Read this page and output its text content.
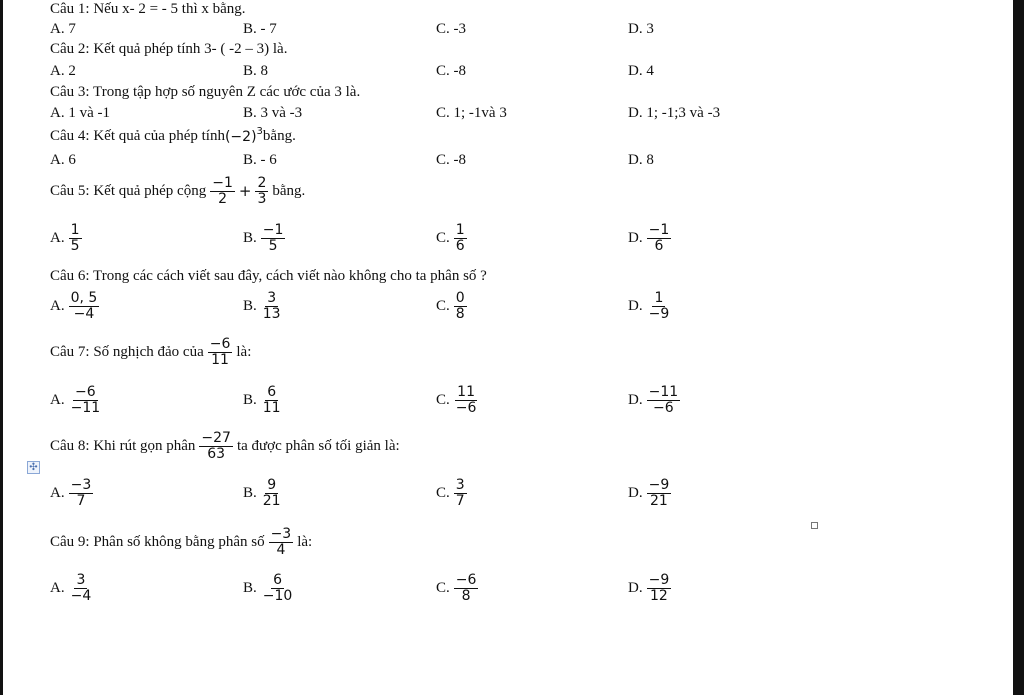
Câu 1: Nếu x- 2 = - 5 thì x bằng.
A. 7	B. - 7	C. -3	D. 3
Câu 2: Kết quả phép tính 3- ( -2 – 3) là.
A. 2	B. 8	C. -8	D. 4
Câu 3: Trong tập hợp số nguyên Z các ước của 3 là.
A. 1 và -1	B. 3 và -3	C. 1; -1và 3	D. 1; -1;3 và -3
Câu 4: Kết quả của phép tính $(-2)^3$ bằng.
A. 6	B. - 6	C. -8	D. 8
Câu 5: Kết quả phép cộng $\frac{-1}{2} + \frac{2}{3}$ bằng.
A. $\frac{1}{5}$	B. $\frac{-1}{5}$	C. $\frac{1}{6}$	D. $\frac{-1}{6}$
Câu 6: Trong các cách viết sau đây, cách viết nào không cho ta phân số ?
A. $\frac{0, 5}{-4}$	B. $\frac{3}{13}$	C. $\frac{0}{8}$	D. $\frac{1}{-9}$
Câu 7: Số nghịch đảo của $\frac{-6}{11}$ là:
A. $\frac{-6}{-11}$	B. $\frac{6}{11}$	C. $\frac{11}{-6}$	D. $\frac{-11}{-6}$
Câu 8: Khi rút gọn phân $\frac{-27}{63}$ ta được phân số tối giản là:
✣
A. $\frac{-3}{7}$	B. $\frac{9}{21}$	C. $\frac{3}{7}$	D. $\frac{-9}{21}$
Câu 9: Phân số không bằng phân số $\frac{-3}{4}$ là:
A. $\frac{3}{-4}$	B. $\frac{6}{-10}$	C. $\frac{-6}{8}$	D. $\frac{-9}{12}$
